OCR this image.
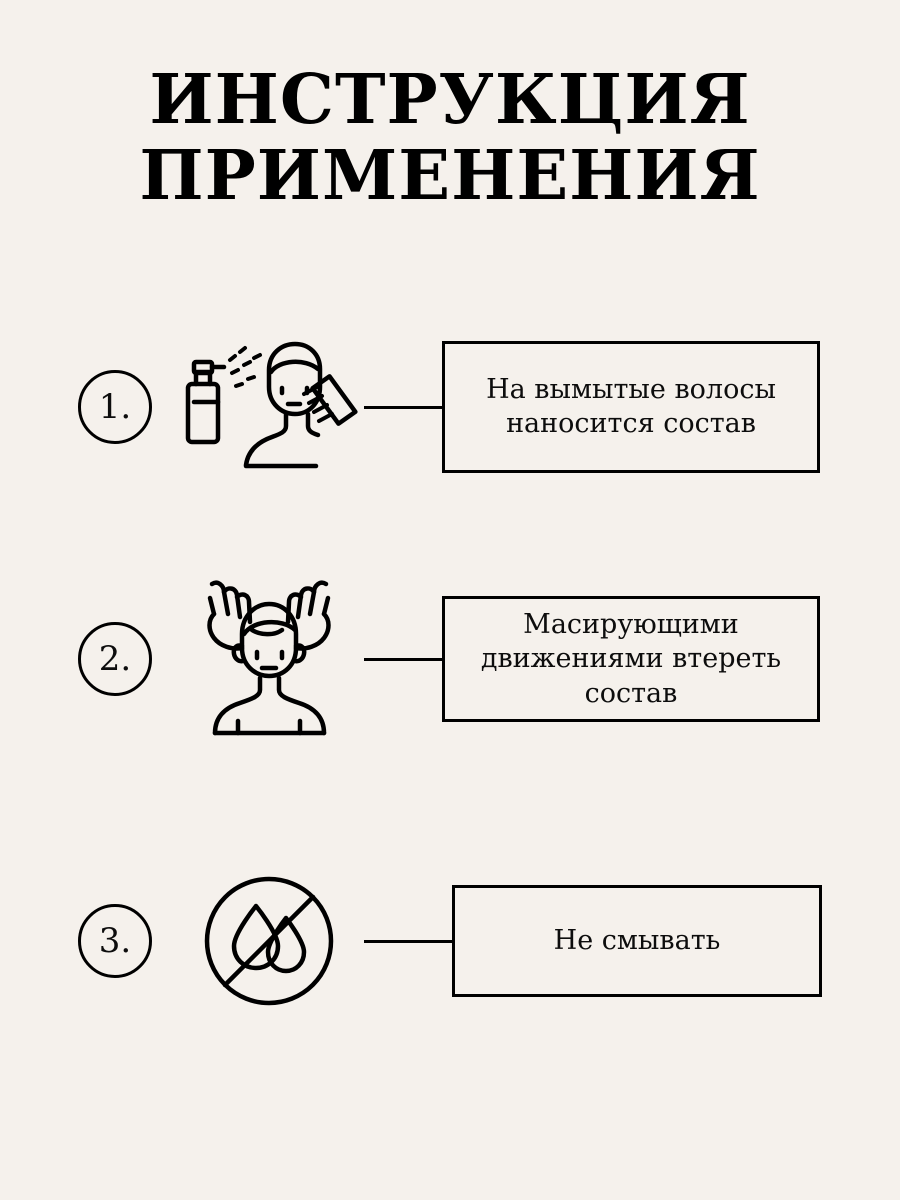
ИНСТРУКЦИЯ
ПРИМЕНЕНИЯ
1.	На вымытые волосы наносится состав
2.
Масирующими движениями втереть состав
3.	Не смывать
